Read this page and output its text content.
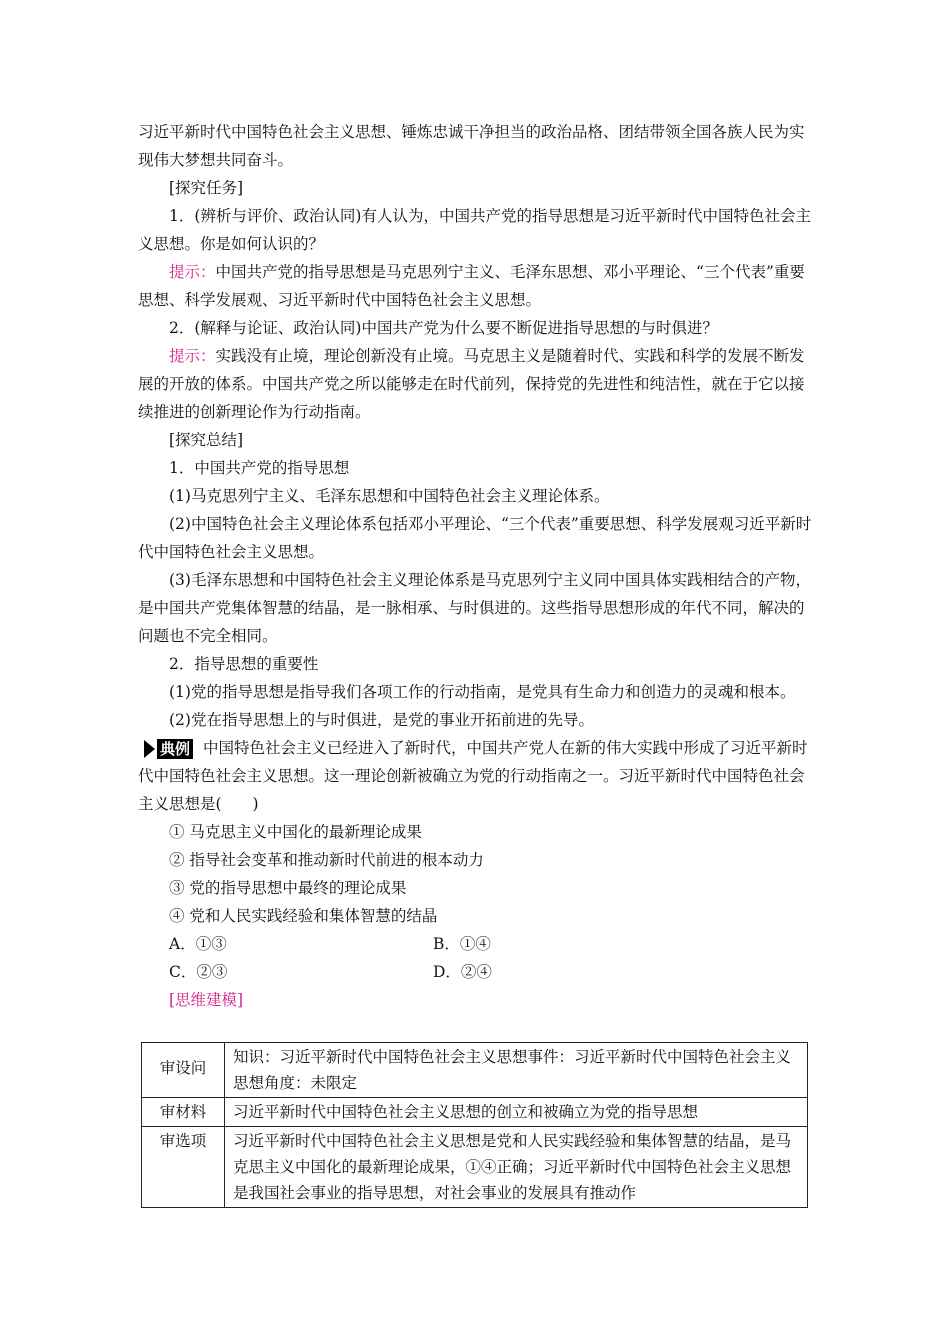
习近平新时代中国特色社会主义思想、锤炼忠诚干净担当的政治品格、团结带领全国各族人民为实现伟大梦想共同奋斗。

[探究任务]

1．(辨析与评价、政治认同)有人认为，中国共产党的指导思想是习近平新时代中国特色社会主义思想。你是如何认识的？

提示：中国共产党的指导思想是马克思列宁主义、毛泽东思想、邓小平理论、“三个代表”重要思想、科学发展观、习近平新时代中国特色社会主义思想。

2．(解释与论证、政治认同)中国共产党为什么要不断促进指导思想的与时俱进？

提示：实践没有止境，理论创新没有止境。马克思主义是随着时代、实践和科学的发展不断发展的开放的体系。中国共产党之所以能够走在时代前列，保持党的先进性和纯洁性，就在于它以接续推进的创新理论作为行动指南。

[探究总结]

1．中国共产党的指导思想

(1)马克思列宁主义、毛泽东思想和中国特色社会主义理论体系。

(2)中国特色社会主义理论体系包括邓小平理论、“三个代表”重要思想、科学发展观习近平新时代中国特色社会主义思想。

(3)毛泽东思想和中国特色社会主义理论体系是马克思列宁主义同中国具体实践相结合的产物，是中国共产党集体智慧的结晶，是一脉相承、与时俱进的。这些指导思想形成的年代不同，解决的问题也不完全相同。

2．指导思想的重要性

(1)党的指导思想是指导我们各项工作的行动指南，是党具有生命力和创造力的灵魂和根本。

(2)党在指导思想上的与时俱进，是党的事业开拓前进的先导。

典例 中国特色社会主义已经进入了新时代，中国共产党人在新的伟大实践中形成了习近平新时代中国特色社会主义思想。这一理论创新被确立为党的行动指南之一。习近平新时代中国特色社会主义思想是(　　)

① 马克思主义中国化的最新理论成果

② 指导社会变革和推动新时代前进的根本动力

③ 党的指导思想中最终的理论成果

④ 党和人民实践经验和集体智慧的结晶

A．①③	B．①④
C．②③	D．②④

[思维建模]

审设问	知识：习近平新时代中国特色社会主义思想事件：习近平新时代中国特色社会主义思想角度：未限定
审材料	习近平新时代中国特色社会主义思想的创立和被确立为党的指导思想
审选项	习近平新时代中国特色社会主义思想是党和人民实践经验和集体智慧的结晶，是马克思主义中国化的最新理论成果，①④正确；习近平新时代中国特色社会主义思想是我国社会事业的指导思想，对社会事业的发展具有推动作
